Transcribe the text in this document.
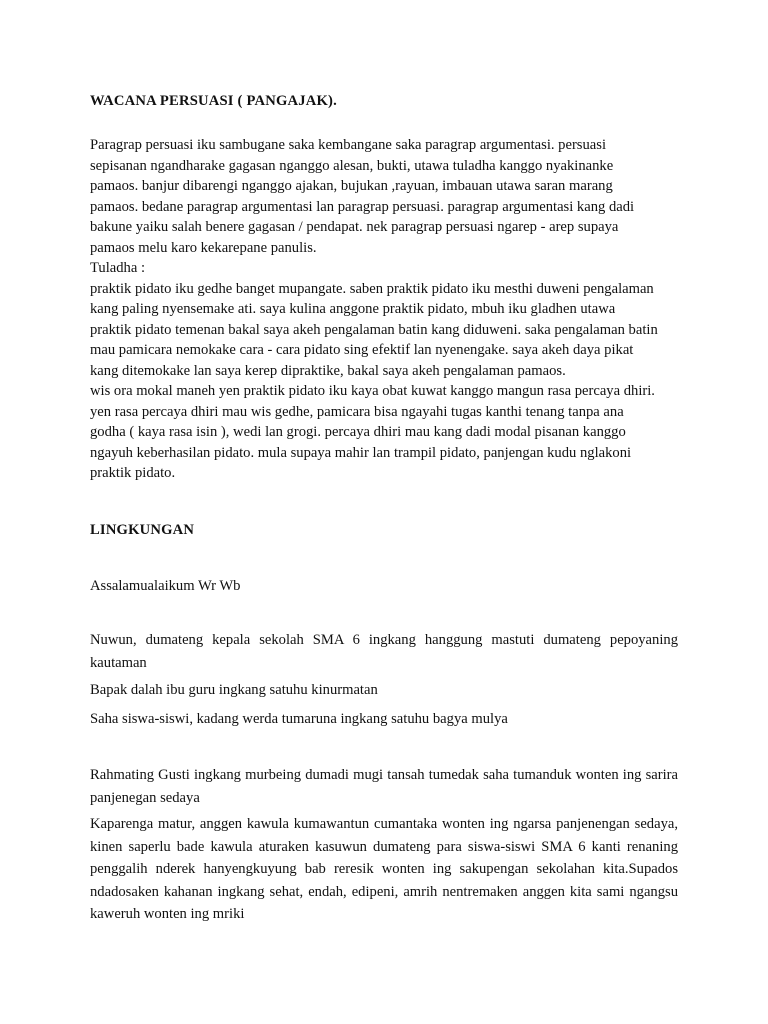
WACANA PERSUASI ( PANGAJAK).
Paragrap persuasi iku sambugane saka kembangane saka paragrap argumentasi. persuasi
sepisanan ngandharake gagasan nganggo alesan, bukti, utawa tuladha kanggo nyakinanke
pamaos. banjur dibarengi nganggo ajakan, bujukan ,rayuan, imbauan utawa saran marang
pamaos. bedane paragrap argumentasi lan paragrap persuasi. paragrap argumentasi kang dadi
bakune yaiku salah benere gagasan / pendapat. nek paragrap persuasi ngarep - arep supaya
pamaos melu karo kekarepane panulis.
Tuladha :
praktik pidato iku gedhe banget mupangate. saben praktik pidato iku mesthi duweni pengalaman
kang paling nyensemake ati. saya kulina anggone praktik pidato, mbuh iku gladhen utawa
praktik pidato temenan bakal saya akeh pengalaman batin kang diduweni. saka pengalaman batin
mau pamicara nemokake cara - cara pidato sing efektif lan nyenengake. saya akeh daya pikat
kang ditemokake lan saya kerep dipraktike, bakal saya akeh pengalaman pamaos.
wis ora mokal maneh yen praktik pidato iku kaya obat kuwat kanggo mangun rasa percaya dhiri.
yen rasa percaya dhiri mau wis gedhe, pamicara bisa ngayahi tugas kanthi tenang tanpa ana
godha ( kaya rasa isin ), wedi lan grogi. percaya dhiri mau kang dadi modal pisanan kanggo
ngayuh keberhasilan pidato. mula supaya mahir lan trampil pidato, panjengan kudu nglakoni
praktik pidato.
LINGKUNGAN
Assalamualaikum Wr Wb
Nuwun, dumateng kepala sekolah SMA 6 ingkang hanggung mastuti dumateng pepoyaning kautaman
Bapak dalah ibu guru ingkang satuhu kinurmatan
Saha siswa-siswi, kadang werda tumaruna ingkang satuhu bagya mulya
Rahmating Gusti ingkang murbeing dumadi mugi tansah tumedak saha tumanduk wonten ing sarira panjenegan sedaya
Kaparenga matur, anggen kawula kumawantun cumantaka wonten ing ngarsa panjenengan sedaya, kinen saperlu bade kawula aturaken kasuwun dumateng para siswa-siswi SMA 6 kanti renaning penggalih nderek hanyengkuyung bab reresik wonten ing sakupengan sekolahan kita.Supados ndadosaken kahanan ingkang sehat, endah, edipeni, amrih nentremaken anggen kita sami ngangsu kaweruh wonten ing mriki
